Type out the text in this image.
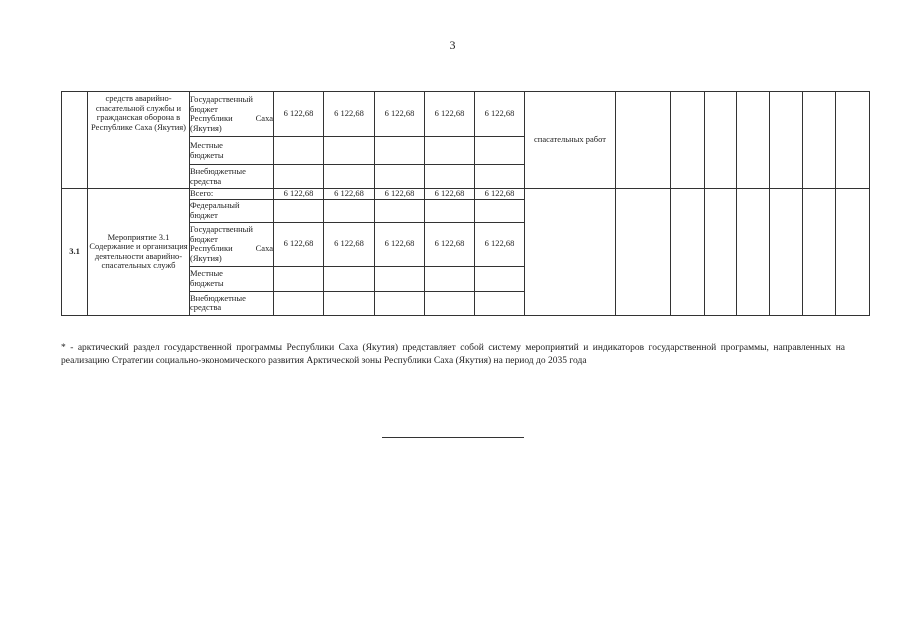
3
	средств аварийно-спасательной службы и гражданская оборона в Республике Саха (Якутия)	Государственный
бюджет

Республики Саха
(Якутия)	6 122,68	6 122,68	6 122,68	6 122,68	6 122,68	спасательных работ							
		Местные
бюджеты													
		Внебюджетные
средства													
3.1	Мероприятие 3.1 Содержание и организация деятельности аварийно-спасательных служб	Всего:	6 122,68	6 122,68	6 122,68	6 122,68	6 122,68								
		Федеральный
бюджет													

		Государственный
бюджет

Республики Саха
(Якутия)	6 122,68	6 122,68	6 122,68	6 122,68	6 122,68								
		Местные
бюджеты													
		Внебюджетные
средства													
* - арктический раздел государственной программы Республики Саха (Якутия) представляет собой систему мероприятий и индикаторов государственной программы, направленных на реализацию Стратегии социально-экономического развития Арктической зоны Республики Саха (Якутия) на период до 2035 года
